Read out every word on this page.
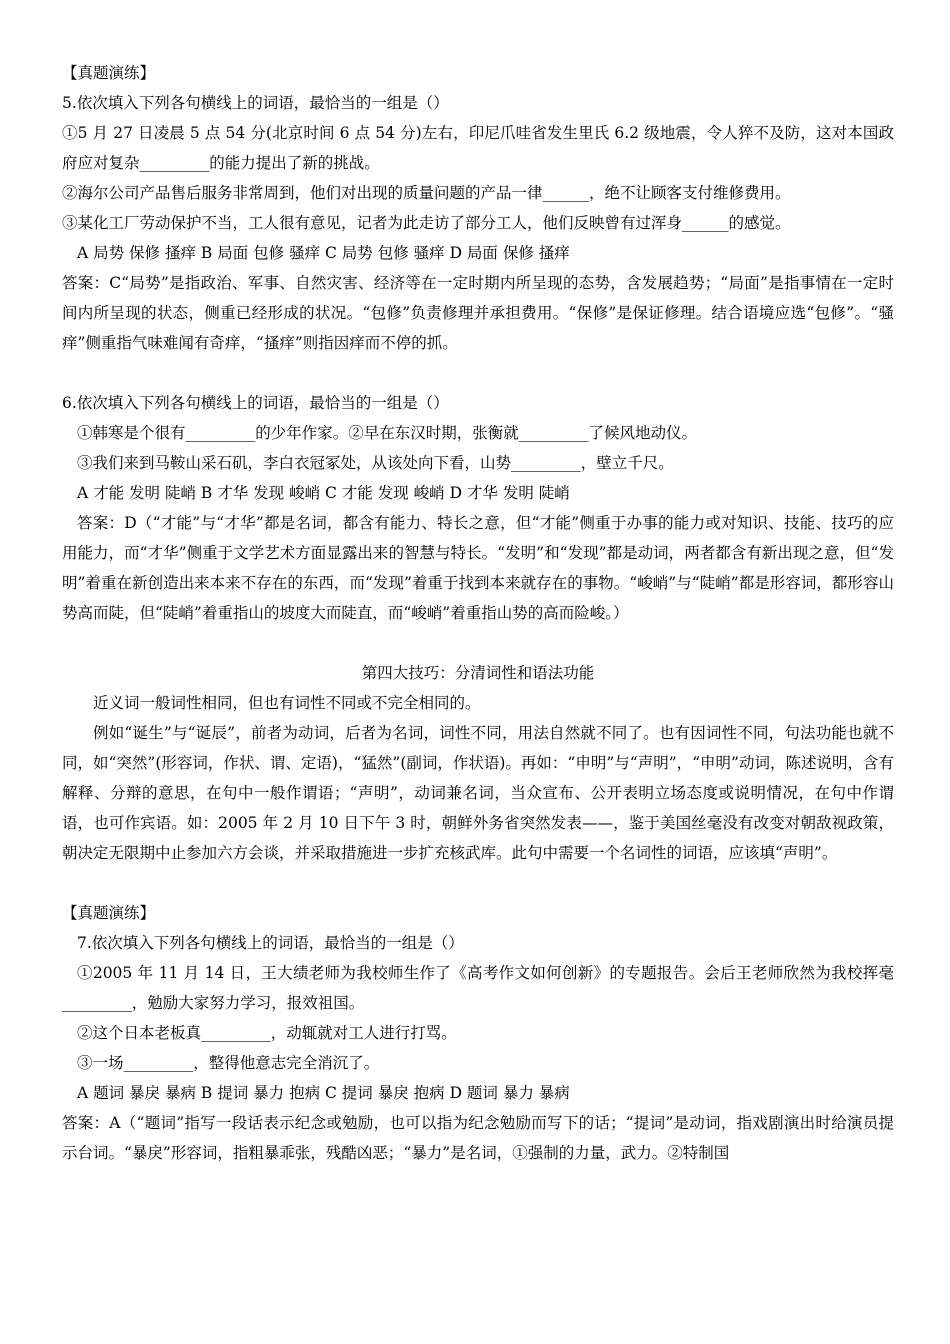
【真题演练】
5.依次填入下列各句横线上的词语，最恰当的一组是（）
①5 月 27 日凌晨 5 点 54 分(北京时间 6 点 54 分)左右，印尼爪哇省发生里氏 6.2 级地震，令人猝不及防，这对本国政府应对复杂_________的能力提出了新的挑战。
②海尔公司产品售后服务非常周到，他们对出现的质量问题的产品一律______，绝不让顾客支付维修费用。
③某化工厂劳动保护不当，工人很有意见，记者为此走访了部分工人，他们反映曾有过浑身______的感觉。
A 局势 保修 搔痒 B 局面 包修 骚痒 C 局势 包修 骚痒 D 局面 保修 搔痒
答案：C“局势”是指政治、军事、自然灾害、经济等在一定时期内所呈现的态势，含发展趋势；“局面”是指事情在一定时间内所呈现的状态，侧重已经形成的状况。“包修”负责修理并承担费用。“保修”是保证修理。结合语境应选“包修”。“骚痒”侧重指气味难闻有奇痒，“搔痒”则指因痒而不停的抓。
6.依次填入下列各句横线上的词语，最恰当的一组是（）
①韩寒是个很有_________的少年作家。②早在东汉时期，张衡就_________了候风地动仪。
③我们来到马鞍山采石矶，李白衣冠冢处，从该处向下看，山势_________，壁立千尺。
A 才能 发明 陡峭 B 才华 发现 峻峭 C 才能 发现 峻峭 D 才华 发明 陡峭
答案：D（“才能”与“才华”都是名词，都含有能力、特长之意，但“才能”侧重于办事的能力或对知识、技能、技巧的应用能力，而“才华”侧重于文学艺术方面显露出来的智慧与特长。“发明”和“发现”都是动词，两者都含有新出现之意，但“发明”着重在新创造出来本来不存在的东西，而“发现”着重于找到本来就存在的事物。“峻峭”与“陡峭”都是形容词，都形容山势高而陡，但“陡峭”着重指山的坡度大而陡直，而“峻峭”着重指山势的高而险峻。）
第四大技巧：分清词性和语法功能
近义词一般词性相同，但也有词性不同或不完全相同的。
例如“诞生”与“诞辰”，前者为动词，后者为名词，词性不同，用法自然就不同了。也有因词性不同，句法功能也就不同，如“突然”(形容词，作状、谓、定语)，“猛然”(副词，作状语)。再如：“申明”与“声明”，“申明”动词，陈述说明，含有解释、分辩的意思，在句中一般作谓语；“声明”，动词兼名词，当众宣布、公开表明立场态度或说明情况，在句中作谓语，也可作宾语。如：2005 年 2 月 10 日下午 3 时，朝鲜外务省突然发表——，鉴于美国丝毫没有改变对朝敌视政策，朝决定无限期中止参加六方会谈，并采取措施进一步扩充核武库。此句中需要一个名词性的词语，应该填“声明”。
【真题演练】
7.依次填入下列各句横线上的词语，最恰当的一组是（）
①2005 年 11 月 14 日，王大绩老师为我校师生作了《高考作文如何创新》的专题报告。会后王老师欣然为我校挥毫_________，勉励大家努力学习，报效祖国。
②这个日本老板真_________，动辄就对工人进行打骂。
③一场_________，整得他意志完全消沉了。
A 题词 暴戾 暴病 B 提词 暴力 抱病 C 提词 暴戾 抱病 D 题词 暴力 暴病
答案：A（“题词”指写一段话表示纪念或勉励，也可以指为纪念勉励而写下的话；“提词”是动词，指戏剧演出时给演员提示台词。“暴戾”形容词，指粗暴乖张，残酷凶恶；“暴力”是名词，①强制的力量，武力。②特制国
